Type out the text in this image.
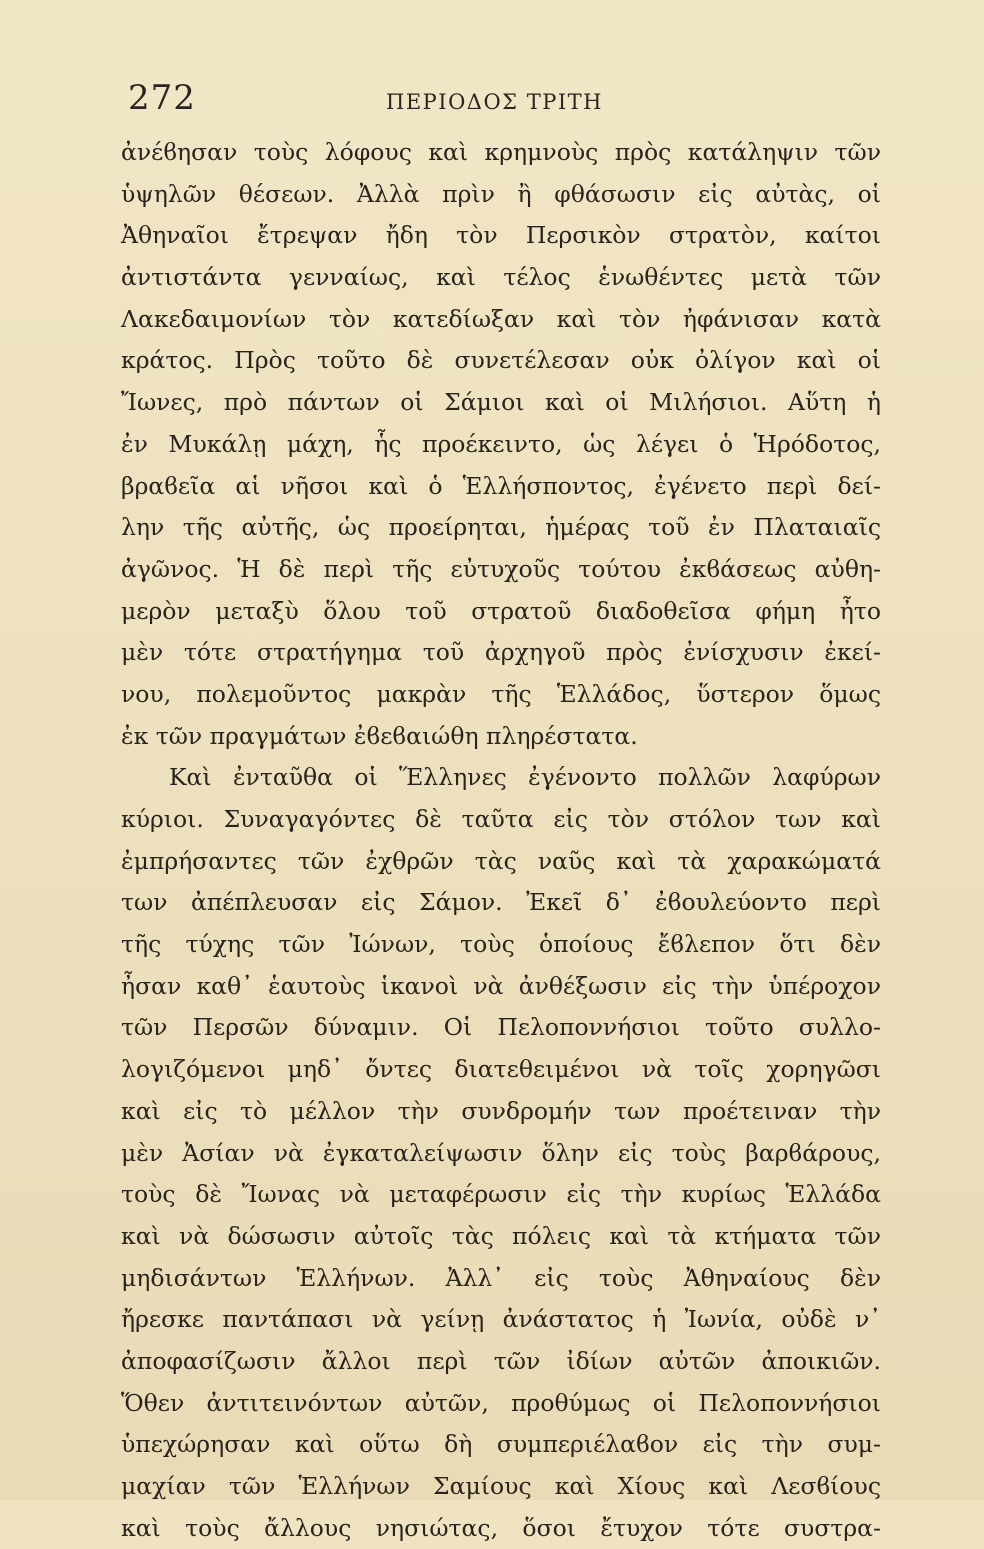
272	ΠΕΡΙΟΔΟΣ ΤΡΙΤΗ
ἀνέϐησαν τοὺς λόφους καὶ κρημνοὺς πρὸς κατάληψιν τῶν
ὑψηλῶν θέσεων. Ἀλλὰ πρὶν ἢ φθάσωσιν εἰς αὐτὰς, οἱ
Ἀθηναῖοι ἔτρεψαν ἤδη τὸν Περσικὸν στρατὸν, καίτοι
ἀντιστάντα γενναίως, καὶ τέλος ἑνωθέντες μετὰ τῶν
Λακεδαιμονίων τὸν κατεδίωξαν καὶ τὸν ἠφάνισαν κατὰ
κράτος. Πρὸς τοῦτο δὲ συνετέλεσαν οὐκ ὀλίγον καὶ οἱ
Ἴωνες, πρὸ πάντων οἱ Σάμιοι καὶ οἱ Μιλήσιοι. Αὕτη ἡ
ἐν Μυκάλῃ μάχη, ἧς προέκειντο, ὡς λέγει ὁ Ἡρόδοτος,
βραϐεῖα αἱ νῆσοι καὶ ὁ Ἑλλήσποντος, ἐγένετο περὶ δεί-
λην τῆς αὐτῆς, ὡς προείρηται, ἡμέρας τοῦ ἐν Πλαταιαῖς
ἀγῶνος. Ἡ δὲ περὶ τῆς εὐτυχοῦς τούτου ἐκϐάσεως αὐθη-
μερὸν μεταξὺ ὅλου τοῦ στρατοῦ διαδοθεῖσα φήμη ἦτο
μὲν τότε στρατήγημα τοῦ ἀρχηγοῦ πρὸς ἐνίσχυσιν ἐκεί-
νου, πολεμοῦντος μακρὰν τῆς Ἑλλάδος, ὕστερον ὅμως
ἐκ τῶν πραγμάτων ἐϐεϐαιώθη πληρέστατα.
Καὶ ἐνταῦθα οἱ Ἕλληνες ἐγένοντο πολλῶν λαφύρων
κύριοι. Συναγαγόντες δὲ ταῦτα εἰς τὸν στόλον των καὶ
ἐμπρήσαντες τῶν ἐχθρῶν τὰς ναῦς καὶ τὰ χαρακώματά
των ἀπέπλευσαν εἰς Σάμον. Ἐκεῖ δ᾽ ἐϐουλεύοντο περὶ
τῆς τύχης τῶν Ἰώνων, τοὺς ὁποίους ἔϐλεπον ὅτι δὲν
ἦσαν καθ᾽ ἑαυτοὺς ἱκανοὶ νὰ ἀνθέξωσιν εἰς τὴν ὑπέροχον
τῶν Περσῶν δύναμιν. Οἱ Πελοποννήσιοι τοῦτο συλλο-
λογιζόμενοι μηδ᾽ ὄντες διατεθειμένοι νὰ τοῖς χορηγῶσι
καὶ εἰς τὸ μέλλον τὴν συνδρομήν των προέτειναν τὴν
μὲν Ἀσίαν νὰ ἐγκαταλείψωσιν ὅλην εἰς τοὺς βαρϐάρους,
τοὺς δὲ Ἴωνας νὰ μεταφέρωσιν εἰς τὴν κυρίως Ἑλλάδα
καὶ νὰ δώσωσιν αὐτοῖς τὰς πόλεις καὶ τὰ κτήματα τῶν
μηδισάντων Ἑλλήνων. Ἀλλ᾽ εἰς τοὺς Ἀθηναίους δὲν
ἤρεσκε παντάπασι νὰ γείνῃ ἀνάστατος ἡ Ἰωνία, οὐδὲ ν᾽
ἀποφασίζωσιν ἄλλοι περὶ τῶν ἰδίων αὐτῶν ἀποικιῶν.
Ὅθεν ἀντιτεινόντων αὐτῶν, προθύμως οἱ Πελοποννήσιοι
ὑπεχώρησαν καὶ οὕτω δὴ συμπεριέλαϐον εἰς τὴν συμ-
μαχίαν τῶν Ἑλλήνων Σαμίους καὶ Χίους καὶ Λεσϐίους
καὶ τοὺς ἄλλους νησιώτας, ὅσοι ἔτυχον τότε συστρα-
